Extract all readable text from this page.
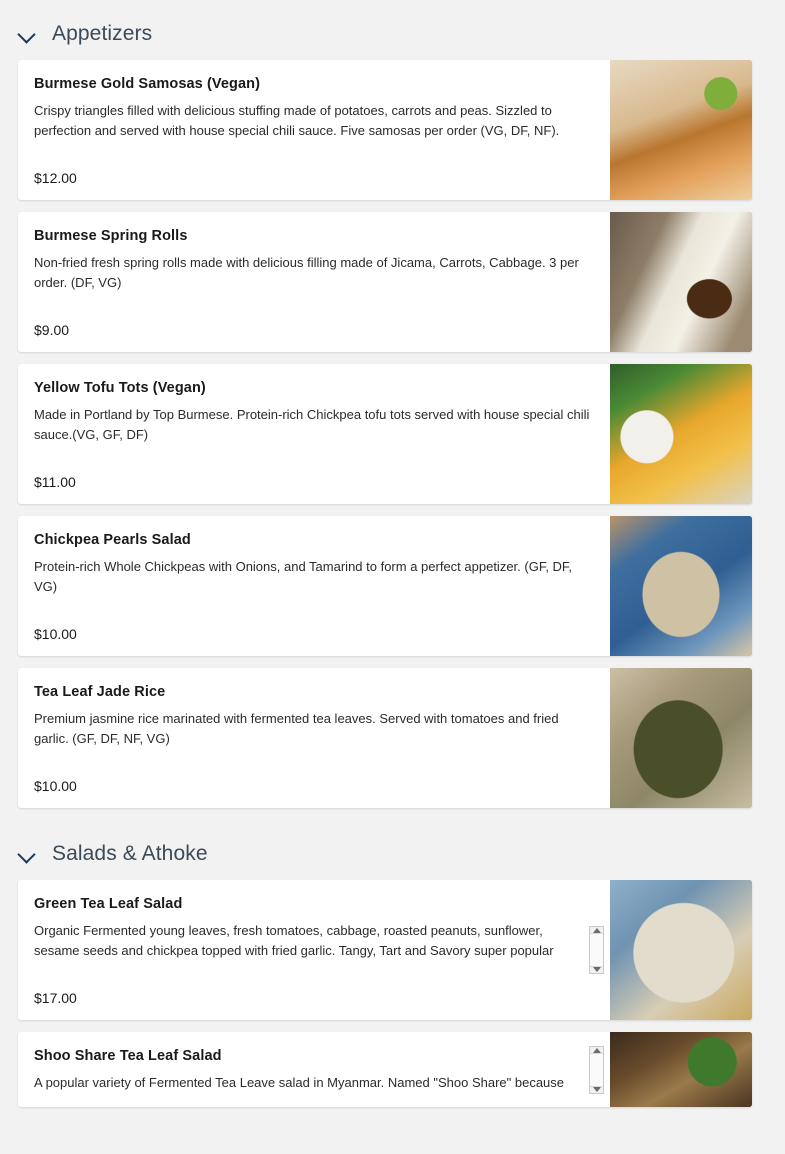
Appetizers
Burmese Gold Samosas (Vegan)
Crispy triangles filled with delicious stuffing made of potatoes, carrots and peas. Sizzled to perfection and served with house special chili sauce. Five samosas per order (VG, DF, NF).
$12.00
Burmese Spring Rolls
Non-fried fresh spring rolls made with delicious filling made of Jicama, Carrots, Cabbage. 3 per order. (DF, VG)
$9.00
Yellow Tofu Tots (Vegan)
Made in Portland by Top Burmese. Protein-rich Chickpea tofu tots served with house special chili sauce.(VG, GF, DF)
$11.00
Chickpea Pearls Salad
Protein-rich Whole Chickpeas with Onions, and Tamarind to form a perfect appetizer. (GF, DF, VG)
$10.00
Tea Leaf Jade Rice
Premium jasmine rice marinated with fermented tea leaves. Served with tomatoes and fried garlic. (GF, DF, NF, VG)
$10.00
Salads & Athoke
Green Tea Leaf Salad
Organic Fermented young leaves, fresh tomatoes, cabbage, roasted peanuts, sunflower, sesame seeds and chickpea topped with fried garlic. Tangy, Tart and Savory super popular
$17.00
Shoo Share Tea Leaf Salad
A popular variety of Fermented Tea Leave salad in Myanmar. Named "Shoo Share" because
